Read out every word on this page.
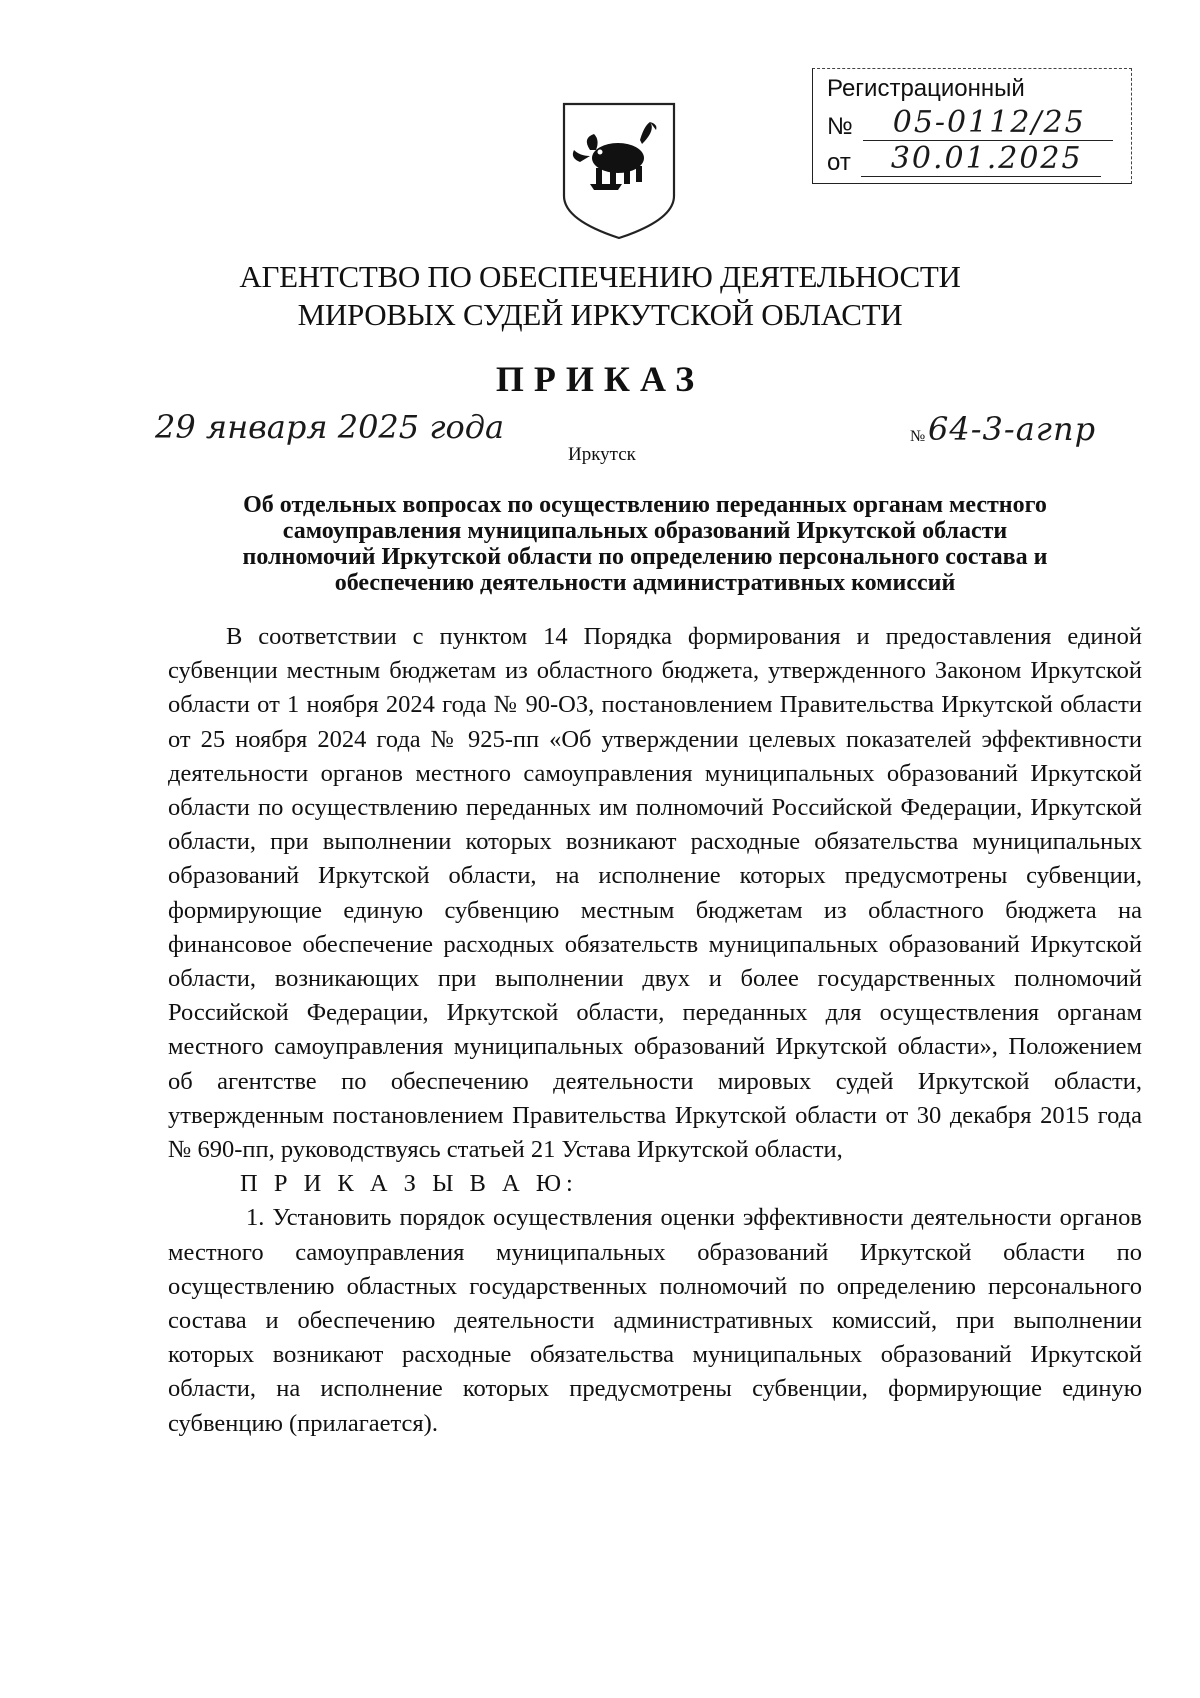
Регистрационный
№ 05-0112/25
от 30.01.2025
АГЕНТСТВО ПО ОБЕСПЕЧЕНИЮ ДЕЯТЕЛЬНОСТИ
МИРОВЫХ СУДЕЙ ИРКУТСКОЙ ОБЛАСТИ
ПРИКАЗ
29 января 2025 года	№ 64-3-агпр
Иркутск
Об отдельных вопросах по осуществлению переданных органам местного
самоуправления муниципальных образований Иркутской области
полномочий Иркутской области по определению персонального состава и
обеспечению деятельности административных комиссий

В соответствии с пунктом 14 Порядка формирования и предоставления единой субвенции местным бюджетам из областного бюджета, утвержденного Законом Иркутской области от 1 ноября 2024 года № 90-ОЗ, постановлением Правительства Иркутской области от 25 ноября 2024 года № 925-пп «Об утверждении целевых показателей эффективности деятельности органов местного самоуправления муниципальных образований Иркутской области по осуществлению переданных им полномочий Российской Федерации, Иркутской области, при выполнении которых возникают расходные обязательства муниципальных образований Иркутской области, на исполнение которых предусмотрены субвенции, формирующие единую субвенцию местным бюджетам из областного бюджета на финансовое обеспечение расходных обязательств муниципальных образований Иркутской области, возникающих при выполнении двух и более государственных полномочий Российской Федерации, Иркутской области, переданных для осуществления органам местного самоуправления муниципальных образований Иркутской области», Положением об агентстве по обеспечению деятельности мировых судей Иркутской области, утвержденным постановлением Правительства Иркутской области от 30 декабря 2015 года № 690-пп, руководствуясь статьей 21 Устава Иркутской области,

П Р И К А З Ы В А Ю:

1. Установить порядок осуществления оценки эффективности деятельности органов местного самоуправления муниципальных образований Иркутской области по осуществлению областных государственных полномочий по определению персонального состава и обеспечению деятельности административных комиссий, при выполнении которых возникают расходные обязательства муниципальных образований Иркутской области, на исполнение которых предусмотрены субвенции, формирующие единую субвенцию (прилагается).
